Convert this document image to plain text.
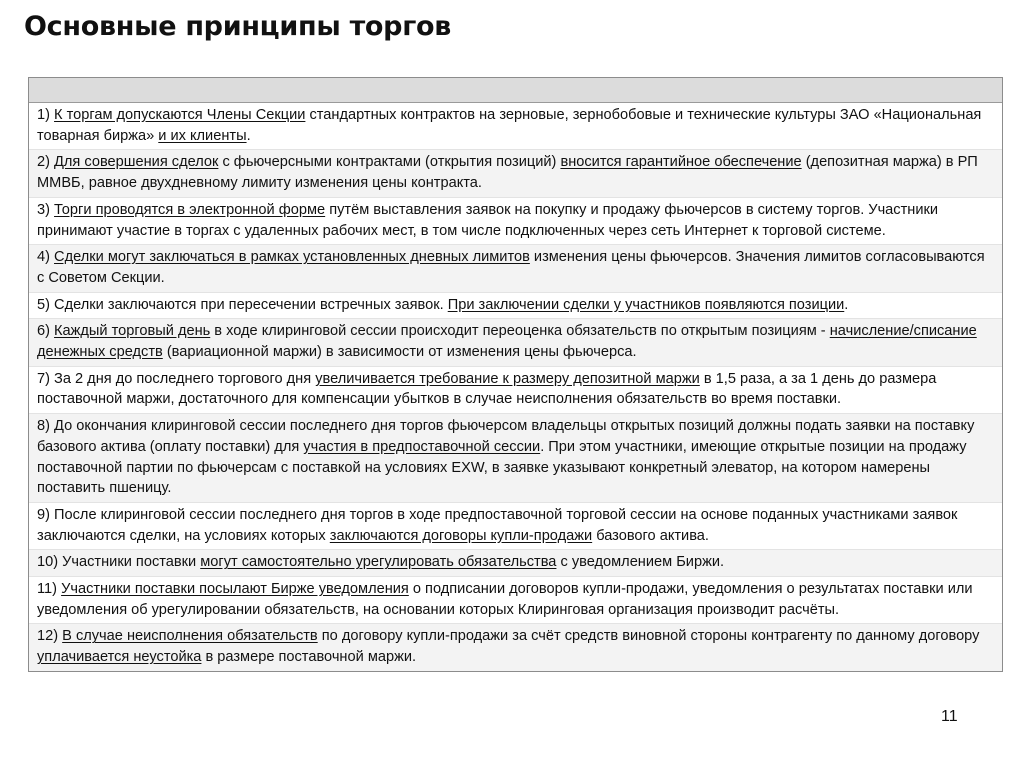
Основные принципы торгов
1) К торгам допускаются Члены Секции стандартных контрактов на зерновые, зернобобовые и технические культуры ЗАО «Национальная товарная биржа» и их клиенты.
2) Для совершения сделок с фьючерсными контрактами (открытия позиций) вносится гарантийное обеспечение (депозитная маржа) в РП ММВБ, равное двухдневному лимиту изменения цены контракта.
3) Торги проводятся в электронной форме путём выставления заявок на покупку и продажу фьючерсов в систему торгов. Участники принимают участие в торгах с удаленных рабочих мест, в том числе подключенных через сеть Интернет к торговой системе.
4) Сделки могут заключаться в рамках установленных дневных лимитов изменения цены фьючерсов. Значения лимитов согласовываются с Советом Секции.
5) Сделки заключаются при пересечении встречных заявок. При заключении сделки у участников появляются позиции.
6) Каждый торговый день в ходе клиринговой сессии происходит переоценка обязательств по открытым позициям - начисление/списание денежных средств (вариационной маржи) в зависимости от изменения цены фьючерса.
7) За 2 дня до последнего торгового дня увеличивается требование к размеру депозитной маржи в 1,5 раза, а за 1 день до размера поставочной маржи, достаточного для компенсации убытков в случае неисполнения обязательств во время поставки.
8) До окончания клиринговой сессии последнего дня торгов фьючерсом владельцы открытых позиций должны подать заявки на поставку базового актива (оплату поставки) для участия в предпоставочной сессии. При этом участники, имеющие открытые позиции на продажу поставочной партии по фьючерсам с поставкой на условиях EXW, в заявке указывают конкретный элеватор, на котором намерены поставить пшеницу.
9) После клиринговой сессии последнего дня торгов в ходе предпоставочной торговой сессии на основе поданных участниками заявок заключаются сделки, на условиях которых заключаются договоры купли-продажи базового актива.
10) Участники поставки могут самостоятельно урегулировать обязательства с уведомлением Биржи.
11) Участники поставки посылают Бирже уведомления о подписании договоров купли-продажи, уведомления о результатах поставки или уведомления об урегулировании обязательств, на основании которых Клиринговая организация производит расчёты.
12) В случае неисполнения обязательств по договору купли-продажи за счёт средств виновной стороны контрагенту по данному договору уплачивается неустойка в размере поставочной маржи.
11
